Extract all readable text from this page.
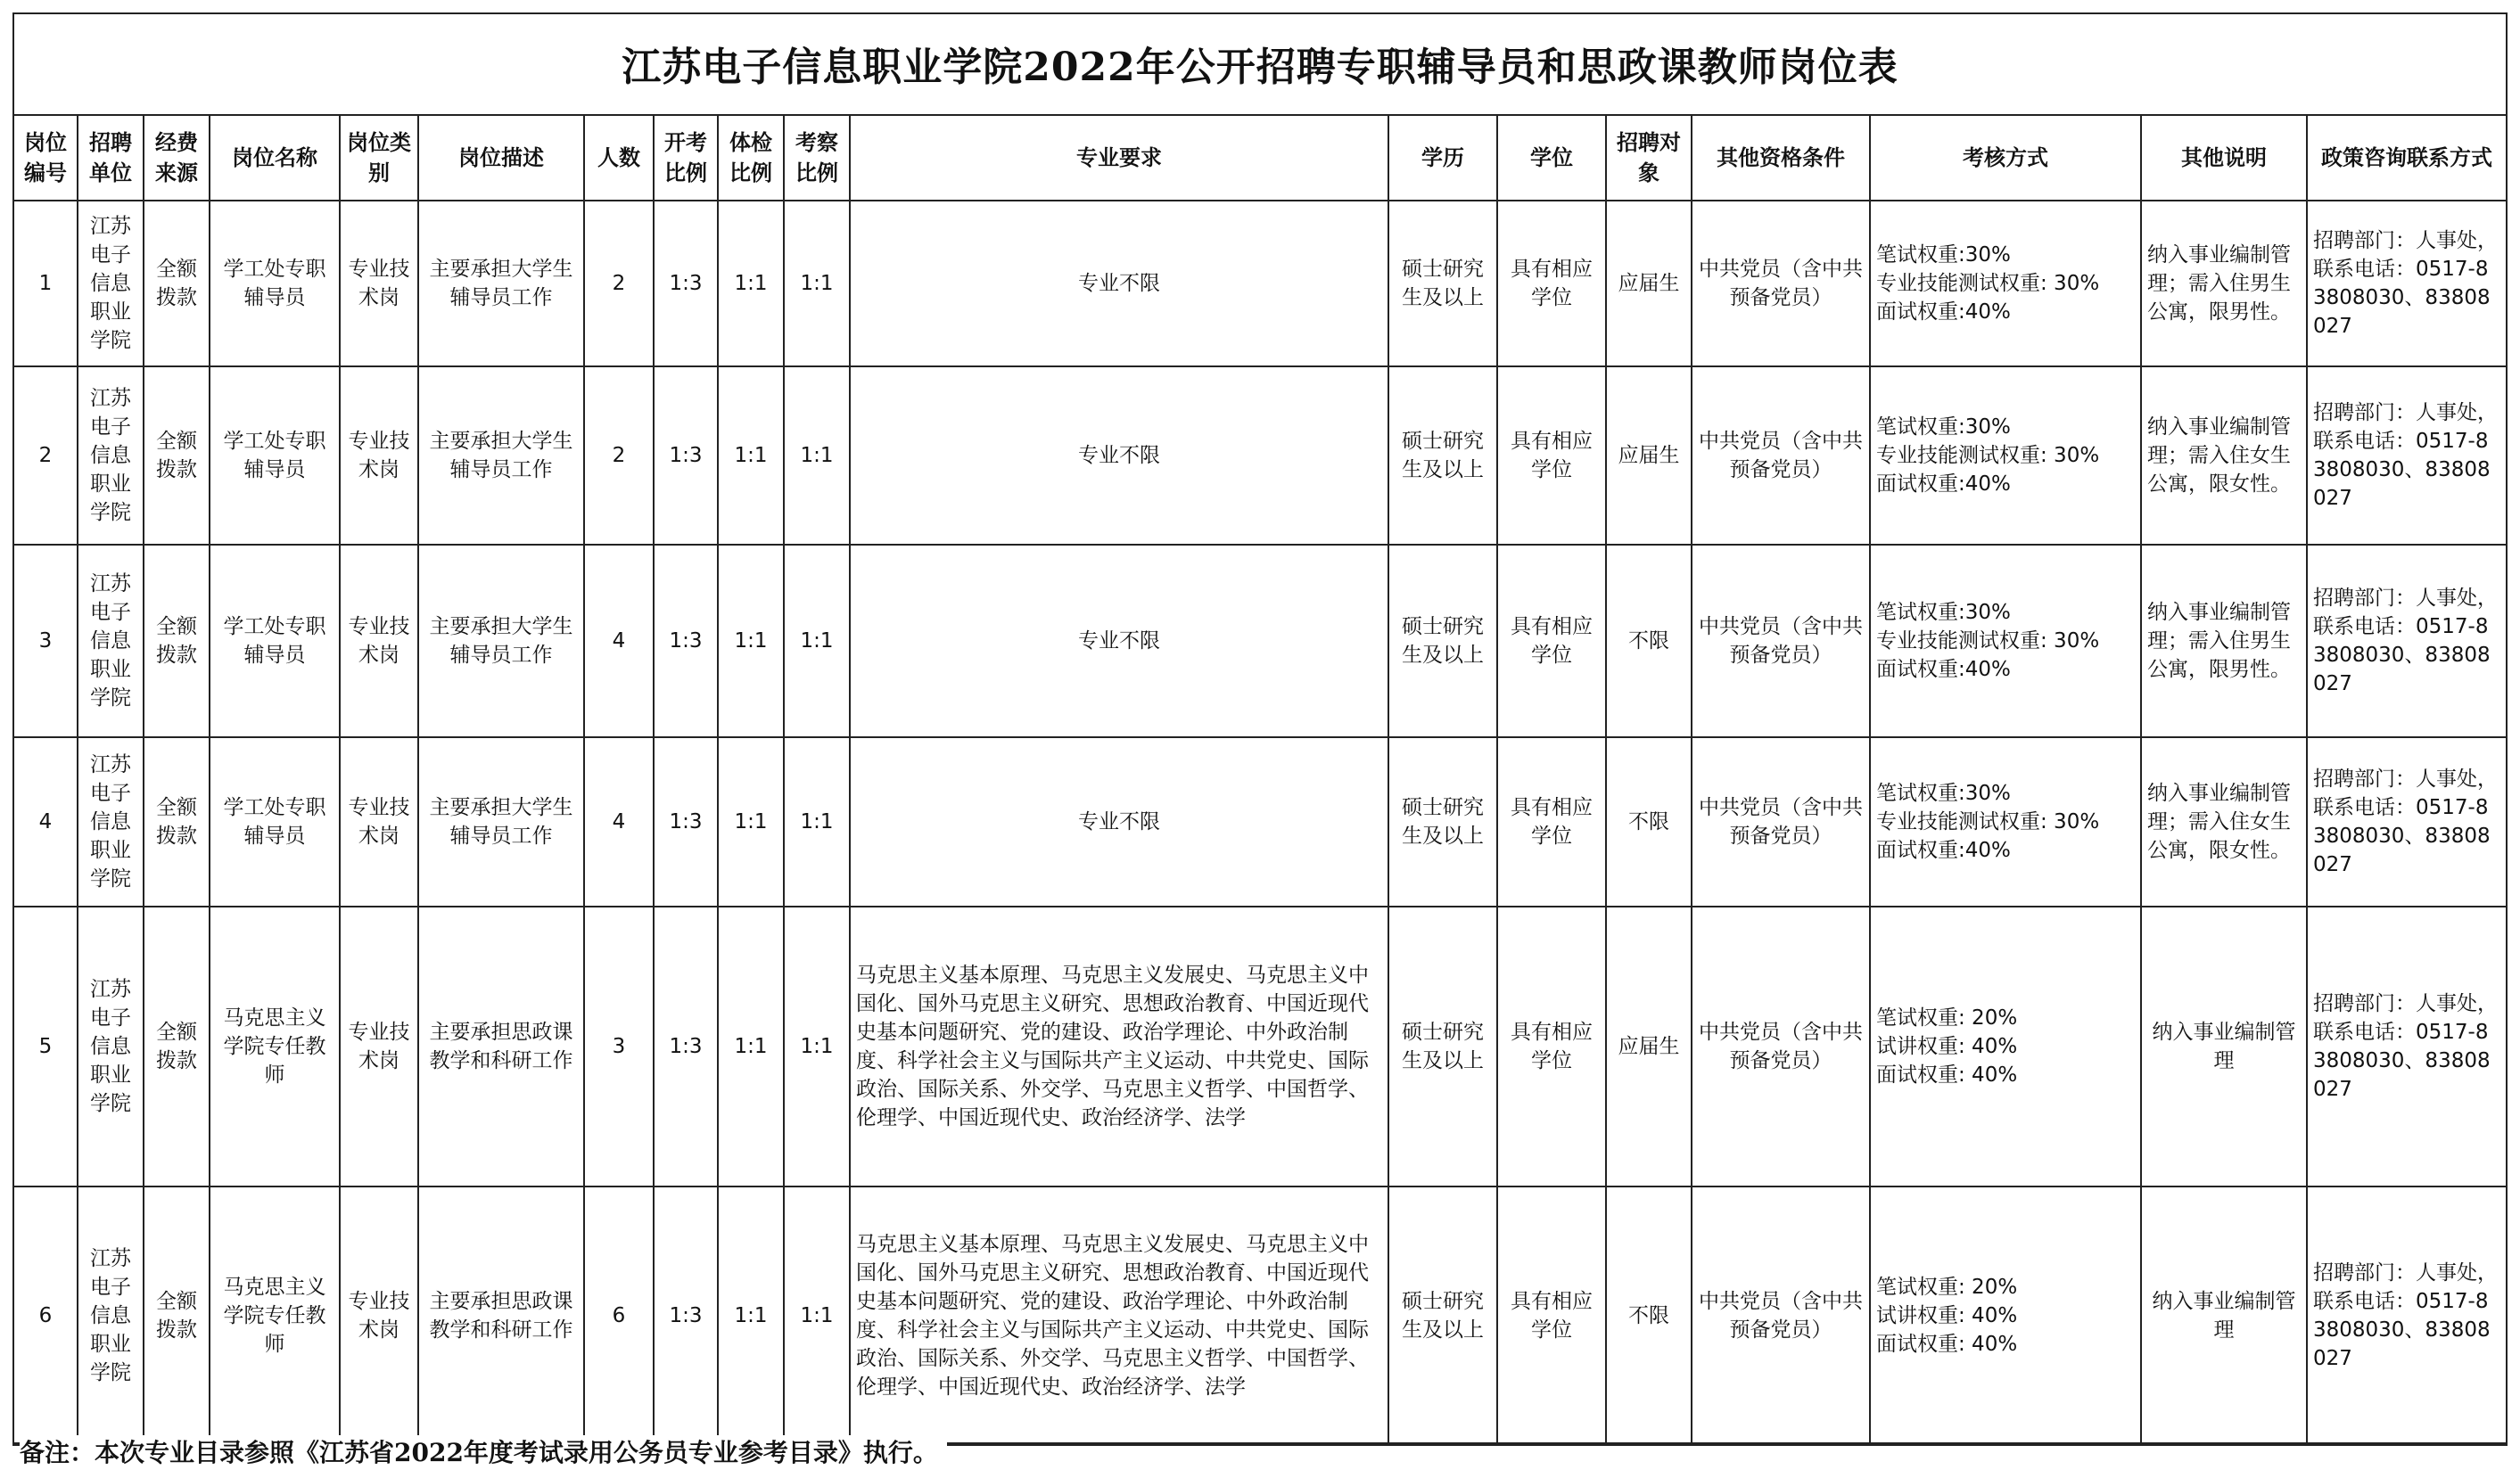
江苏电子信息职业学院2022年公开招聘专职辅导员和思政课教师岗位表
岗位编号	招聘单位	经费来源	岗位名称	岗位类别	岗位描述	人数	开考比例	体检比例	考察比例	专业要求	学历	学位	招聘对象	其他资格条件	考核方式	其他说明	政策咨询联系方式
1	江苏电子信息职业学院	全额拨款	学工处专职辅导员	专业技术岗	主要承担大学生辅导员工作	2	1:3	1:1	1:1	专业不限	硕士研究生及以上	具有相应学位	应届生	中共党员（含中共预备党员）	笔试权重:30%
专业技能测试权重: 30%
面试权重:40%	纳入事业编制管理；需入住男生公寓，限男性。	招聘部门：人事处，联系电话：0517-83808030、83808027
2	江苏电子信息职业学院	全额拨款	学工处专职辅导员	专业技术岗	主要承担大学生辅导员工作	2	1:3	1:1	1:1	专业不限	硕士研究生及以上	具有相应学位	应届生	中共党员（含中共预备党员）	笔试权重:30%
专业技能测试权重: 30%
面试权重:40%	纳入事业编制管理；需入住女生公寓，限女性。	招聘部门：人事处，联系电话：0517-83808030、83808027
3	江苏电子信息职业学院	全额拨款	学工处专职辅导员	专业技术岗	主要承担大学生辅导员工作	4	1:3	1:1	1:1	专业不限	硕士研究生及以上	具有相应学位	不限	中共党员（含中共预备党员）	笔试权重:30%
专业技能测试权重: 30%
面试权重:40%	纳入事业编制管理；需入住男生公寓，限男性。	招聘部门：人事处，联系电话：0517-83808030、83808027
4	江苏电子信息职业学院	全额拨款	学工处专职辅导员	专业技术岗	主要承担大学生辅导员工作	4	1:3	1:1	1:1	专业不限	硕士研究生及以上	具有相应学位	不限	中共党员（含中共预备党员）	笔试权重:30%
专业技能测试权重: 30%
面试权重:40%	纳入事业编制管理；需入住女生公寓，限女性。	招聘部门：人事处，联系电话：0517-83808030、83808027
5	江苏电子信息职业学院	全额拨款	马克思主义学院专任教师	专业技术岗	主要承担思政课教学和科研工作	3	1:3	1:1	1:1	马克思主义基本原理、马克思主义发展史、马克思主义中国化、国外马克思主义研究、思想政治教育、中国近现代史基本问题研究、党的建设、政治学理论、中外政治制度、科学社会主义与国际共产主义运动、中共党史、国际政治、国际关系、外交学、马克思主义哲学、中国哲学、伦理学、中国近现代史、政治经济学、法学	硕士研究生及以上	具有相应学位	应届生	中共党员（含中共预备党员）	笔试权重: 20%
试讲权重: 40%
面试权重: 40%	纳入事业编制管理	招聘部门：人事处，联系电话：0517-83808030、83808027
6	江苏电子信息职业学院	全额拨款	马克思主义学院专任教师	专业技术岗	主要承担思政课教学和科研工作	6	1:3	1:1	1:1	马克思主义基本原理、马克思主义发展史、马克思主义中国化、国外马克思主义研究、思想政治教育、中国近现代史基本问题研究、党的建设、政治学理论、中外政治制度、科学社会主义与国际共产主义运动、中共党史、国际政治、国际关系、外交学、马克思主义哲学、中国哲学、伦理学、中国近现代史、政治经济学、法学	硕士研究生及以上	具有相应学位	不限	中共党员（含中共预备党员）	笔试权重: 20%
试讲权重: 40%
面试权重: 40%	纳入事业编制管理	招聘部门：人事处，联系电话：0517-83808030、83808027
备注：本次专业目录参照《江苏省2022年度考试录用公务员专业参考目录》执行。
